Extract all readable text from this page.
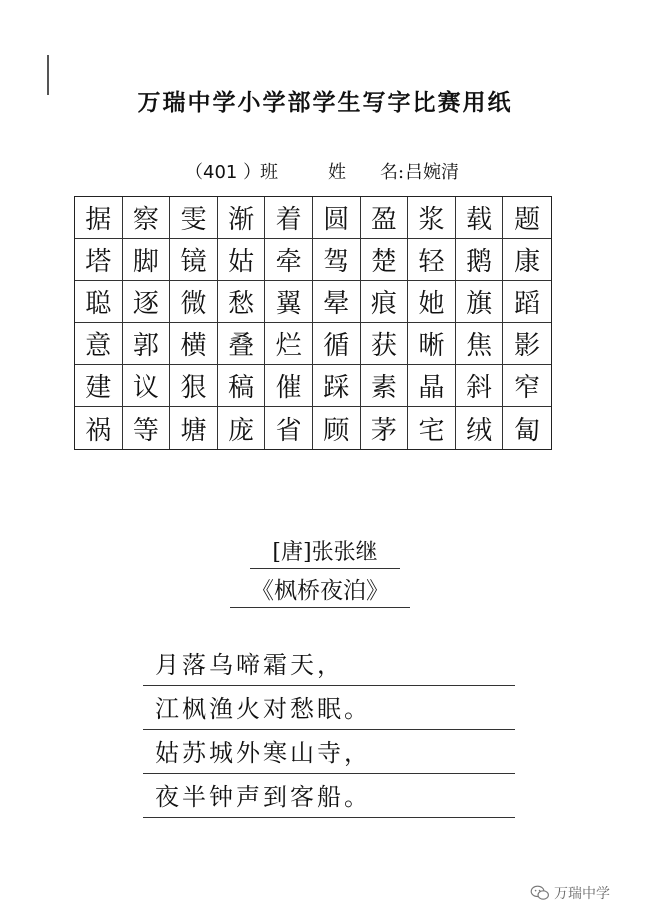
万瑞中学小学部学生写字比赛用纸
（401 ）
班	姓 名: 吕婉清
据 察 雯 渐 着 圆 盈 浆 载 题
塔 脚 镜 姑 牵 驾 楚 轻 鹅 康
聪 逐 微 愁 翼 晕 痕 她 旗 蹈
意 郭 横 叠 烂 循 获 晰 焦 影
建 议 狠 稿 催 踩 素 晶 斜 窄
祸 等 塘 庞 省 顾 茅 宅 绒 匐
[唐]张张继
《枫桥夜泊》
月落乌啼霜天，
江枫渔火对愁眠。
姑苏城外寒山寺，
夜半钟声到客船。
万瑞中学
